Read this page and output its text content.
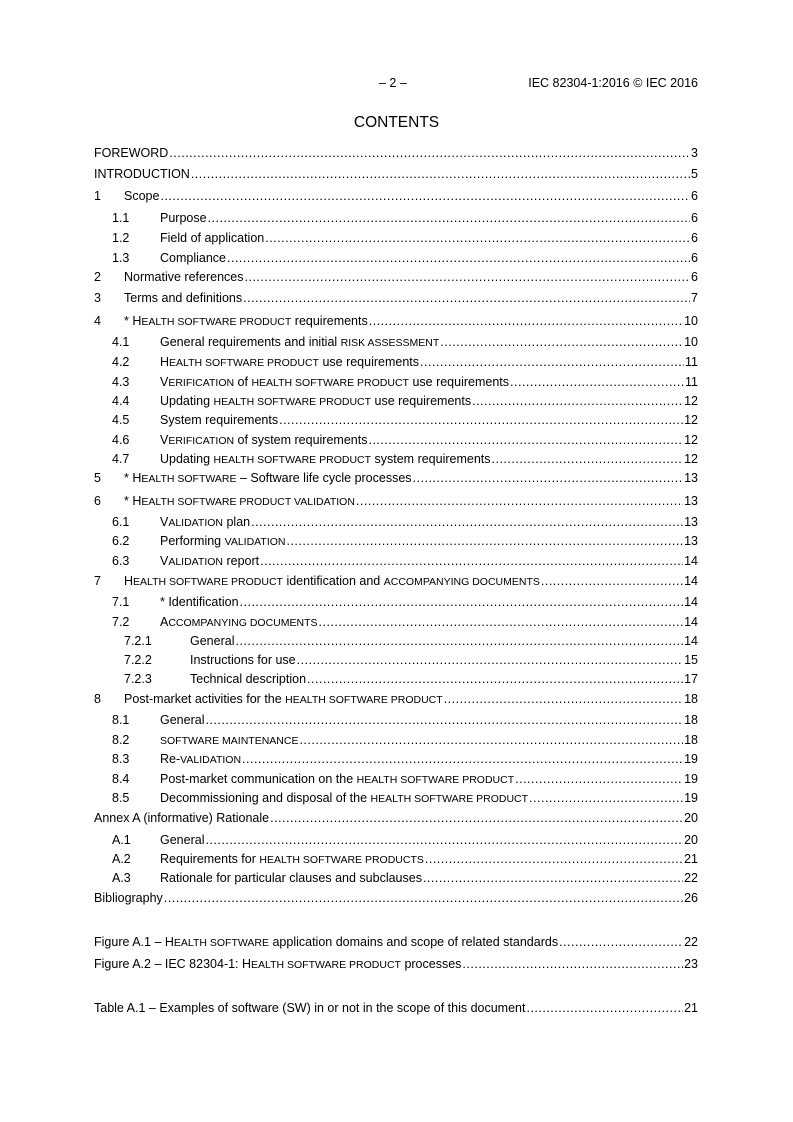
– 2 –	IEC 82304-1:2016 © IEC 2016
CONTENTS
FOREWORD .....	3
INTRODUCTION .....	5
1	Scope .....	6
1.1	Purpose .....	6
1.2	Field of application .....	6
1.3	Compliance .....	6
2	Normative references .....	6
3	Terms and definitions .....	7
4	* HEALTH SOFTWARE PRODUCT requirements .....	10
4.1	General requirements and initial RISK ASSESSMENT .....	10
4.2	HEALTH SOFTWARE PRODUCT use requirements .....	11
4.3	VERIFICATION of HEALTH SOFTWARE PRODUCT use requirements .....	11
4.4	Updating HEALTH SOFTWARE PRODUCT use requirements .....	12
4.5	System requirements .....	12
4.6	VERIFICATION of system requirements .....	12
4.7	Updating HEALTH SOFTWARE PRODUCT system requirements .....	12
5	* HEALTH SOFTWARE – Software life cycle processes .....	13
6	* HEALTH SOFTWARE PRODUCT VALIDATION .....	13
6.1	VALIDATION plan .....	13
6.2	Performing VALIDATION .....	13
6.3	VALIDATION report .....	14
7	HEALTH SOFTWARE PRODUCT identification and ACCOMPANYING DOCUMENTS .....	14
7.1	* Identification .....	14
7.2	ACCOMPANYING DOCUMENTS .....	14
7.2.1	General .....	14
7.2.2	Instructions for use .....	15
7.2.3	Technical description .....	17
8	Post-market activities for the HEALTH SOFTWARE PRODUCT .....	18
8.1	General .....	18
8.2	SOFTWARE MAINTENANCE .....	18
8.3	Re-VALIDATION .....	19
8.4	Post-market communication on the HEALTH SOFTWARE PRODUCT .....	19
8.5	Decommissioning and disposal of the HEALTH SOFTWARE PRODUCT .....	19
Annex A (informative) Rationale .....	20
A.1	General .....	20
A.2	Requirements for HEALTH SOFTWARE PRODUCTS .....	21
A.3	Rationale for particular clauses and subclauses .....	22
Bibliography .....	26
Figure A.1 – HEALTH SOFTWARE application domains and scope of related standards .....	22
Figure A.2 – IEC 82304-1: HEALTH SOFTWARE PRODUCT processes .....	23
Table A.1 – Examples of software (SW) in or not in the scope of this document .....	21
